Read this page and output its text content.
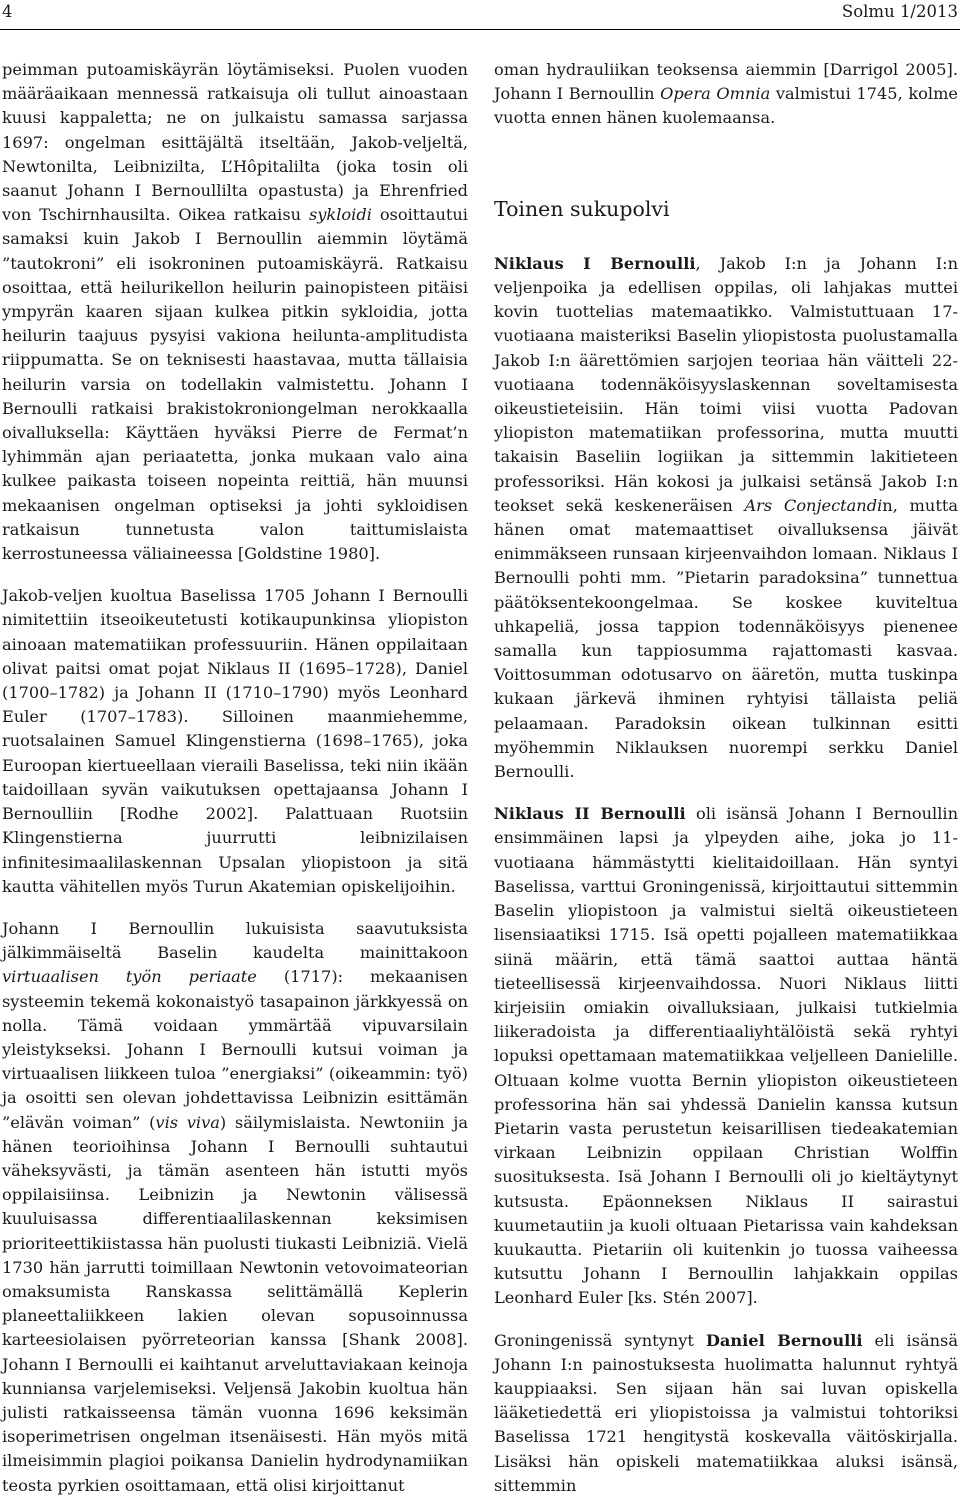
4	Solmu 1/2013

peimman putoamiskäyrän löytämiseksi. Puolen vuoden määräaikaan mennessä ratkaisuja oli tullut ainoastaan kuusi kappaletta; ne on julkaistu samassa sarjassa 1697: ongelman esittäjältä itseltään, Jakob-veljeltä, Newtonilta, Leibnizilta, L’Hôpitalilta (joka tosin oli saanut Johann I Bernoullilta opastusta) ja Ehrenfried von Tschirnhausilta. Oikea ratkaisu sykloidi osoittautui samaksi kuin Jakob I Bernoullin aiemmin löytämä ”tautokroni” eli isokroninen putoamiskäyrä. Ratkaisu osoittaa, että heilurikellon heilurin painopisteen pitäisi ympyrän kaaren sijaan kulkea pitkin sykloidia, jotta heilurin taajuus pysyisi vakiona heilunta-amplitudista riippumatta. Se on teknisesti haastavaa, mutta tällaisia heilurin varsia on todellakin valmistettu. Johann I Bernoulli ratkaisi brakistokroniongelman nerokkaalla oivalluksella: Käyttäen hyväksi Pierre de Fermat’n lyhimmän ajan periaatetta, jonka mukaan valo aina kulkee paikasta toiseen nopeinta reittiä, hän muunsi mekaanisen ongelman optiseksi ja johti sykloidisen ratkaisun tunnetusta valon taittumislaista kerrostuneessa väliaineessa [Goldstine 1980].

Jakob-veljen kuoltua Baselissa 1705 Johann I Bernoulli nimitettiin itseoikeutetusti kotikaupunkinsa yliopiston ainoaan matematiikan professuuriin. Hänen oppilaitaan olivat paitsi omat pojat Niklaus II (1695–1728), Daniel (1700–1782) ja Johann II (1710–1790) myös Leonhard Euler (1707–1783). Silloinen maanmiehemme, ruotsalainen Samuel Klingenstierna (1698–1765), joka Euroopan kiertueellaan vieraili Baselissa, teki niin ikään taidoillaan syvän vaikutuksen opettajaansa Johann I Bernoulliin [Rodhe 2002]. Palattuaan Ruotsiin Klingenstierna juurrutti leibnizilaisen infinitesimaalilaskennan Upsalan yliopistoon ja sitä kautta vähitellen myös Turun Akatemian opiskelijoihin.

Johann I Bernoullin lukuisista saavutuksista jälkimmäiseltä Baselin kaudelta mainittakoon virtuaalisen työn periaate (1717): mekaanisen systeemin tekemä kokonaistyö tasapainon järkkyessä on nolla. Tämä voidaan ymmärtää vipuvarsilain yleistykseksi. Johann I Bernoulli kutsui voiman ja virtuaalisen liikkeen tuloa ”energiaksi” (oikeammin: työ) ja osoitti sen olevan johdettavissa Leibnizin esittämän ”elävän voiman” (vis viva) säilymislaista. Newtoniin ja hänen teorioihinsa Johann I Bernoulli suhtautui väheksyvästi, ja tämän asenteen hän istutti myös oppilaisiinsa. Leibnizin ja Newtonin välisessä kuuluisassa differentiaalilaskennan keksimisen prioriteettikiistassa hän puolusti tiukasti Leibniziä. Vielä 1730 hän jarrutti toimillaan Newtonin vetovoimateorian omaksumista Ranskassa selittämällä Keplerin planeettaliikkeen lakien olevan sopusoinnussa karteesiolaisen pyörreteorian kanssa [Shank 2008]. Johann I Bernoulli ei kaihtanut arveluttaviakaan keinoja kunniansa varjelemiseksi. Veljensä Jakobin kuoltua hän julisti ratkaisseensa tämän vuonna 1696 keksimän isoperimetrisen ongelman itsenäisesti. Hän myös mitä ilmeisimmin plagioi poikansa Danielin hydrodynamiikan teosta pyrkien osoittamaan, että olisi kirjoittanut

oman hydrauliikan teoksensa aiemmin [Darrigol 2005]. Johann I Bernoullin Opera Omnia valmistui 1745, kolme vuotta ennen hänen kuolemaansa.

Toinen sukupolvi

Niklaus I Bernoulli, Jakob I:n ja Johann I:n veljenpoika ja edellisen oppilas, oli lahjakas muttei kovin tuottelias matemaatikko. Valmistuttuaan 17-vuotiaana maisteriksi Baselin yliopistosta puolustamalla Jakob I:n äärettömien sarjojen teoriaa hän väitteli 22-vuotiaana todennäköisyyslaskennan soveltamisesta oikeustieteisiin. Hän toimi viisi vuotta Padovan yliopiston matematiikan professorina, mutta muutti takaisin Baseliin logiikan ja sittemmin lakitieteen professoriksi. Hän kokosi ja julkaisi setänsä Jakob I:n teokset sekä keskeneräisen Ars Conjectandin, mutta hänen omat matemaattiset oivalluksensa jäivät enimmäkseen runsaan kirjeenvaihdon lomaan. Niklaus I Bernoulli pohti mm. ”Pietarin paradoksina” tunnettua päätöksentekoongelmaa. Se koskee kuviteltua uhkapeliä, jossa tappion todennäköisyys pienenee samalla kun tappiosumma rajattomasti kasvaa. Voittosumman odotusarvo on ääretön, mutta tuskinpa kukaan järkevä ihminen ryhtyisi tällaista peliä pelaamaan. Paradoksin oikean tulkinnan esitti myöhemmin Niklauksen nuorempi serkku Daniel Bernoulli.

Niklaus II Bernoulli oli isänsä Johann I Bernoullin ensimmäinen lapsi ja ylpeyden aihe, joka jo 11-vuotiaana hämmästytti kielitaidoillaan. Hän syntyi Baselissa, varttui Groningenissä, kirjoittautui sittemmin Baselin yliopistoon ja valmistui sieltä oikeustieteen lisensiaatiksi 1715. Isä opetti pojalleen matematiikkaa siinä määrin, että tämä saattoi auttaa häntä tieteellisessä kirjeenvaihdossa. Nuori Niklaus liitti kirjeisiin omiakin oivalluksiaan, julkaisi tutkielmia liikeradoista ja differentiaaliyhtälöistä sekä ryhtyi lopuksi opettamaan matematiikkaa veljelleen Danielille. Oltuaan kolme vuotta Bernin yliopiston oikeustieteen professorina hän sai yhdessä Danielin kanssa kutsun Pietarin vasta perustetun keisarillisen tiedeakatemian virkaan Leibnizin oppilaan Christian Wolffin suosituksesta. Isä Johann I Bernoulli oli jo kieltäytynyt kutsusta. Epäonneksen Niklaus II sairastui kuumetautiin ja kuoli oltuaan Pietarissa vain kahdeksan kuukautta. Pietariin oli kuitenkin jo tuossa vaiheessa kutsuttu Johann I Bernoullin lahjakkain oppilas Leonhard Euler [ks. Stén 2007].

Groningenissä syntynyt Daniel Bernoulli eli isänsä Johann I:n painostuksesta huolimatta halunnut ryhtyä kauppiaaksi. Sen sijaan hän sai luvan opiskella lääketiedettä eri yliopistoissa ja valmistui tohtoriksi Baselissa 1721 hengitystä koskevalla väitöskirjalla. Lisäksi hän opiskeli matematiikkaa aluksi isänsä, sittemmin
